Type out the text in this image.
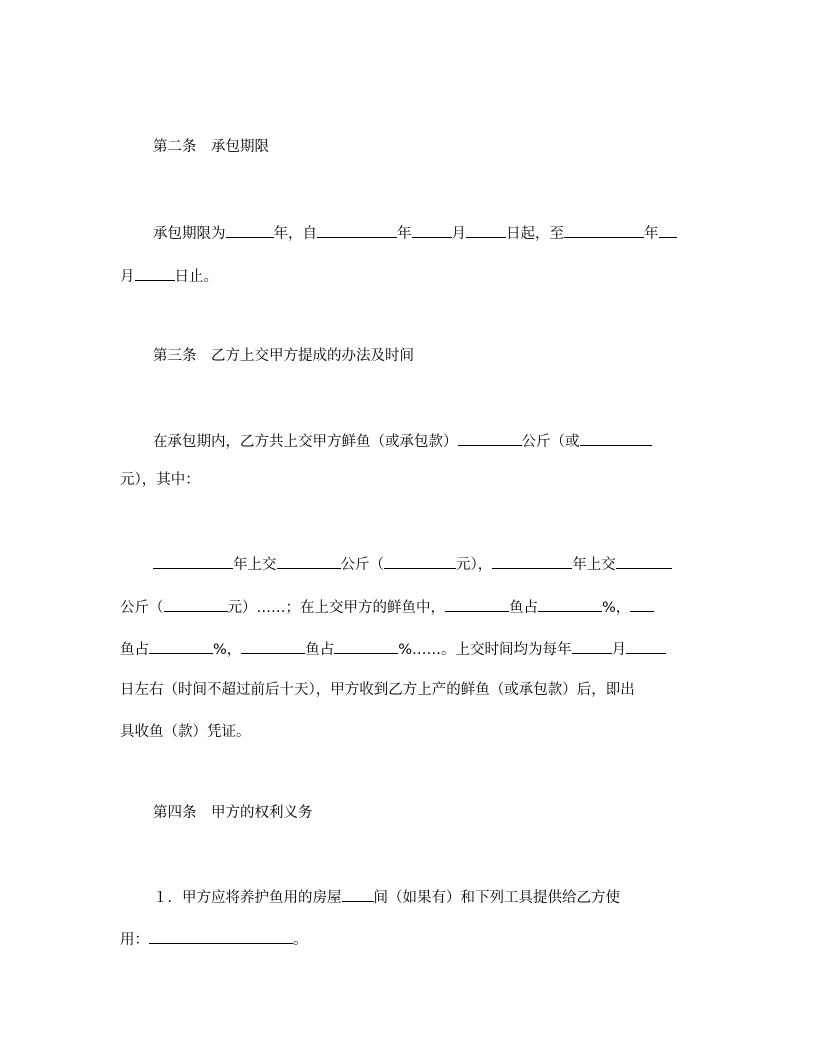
第二条　承包期限
承包期限为	年，自	年	月	日起，至	年
月	日止。
第三条　乙方上交甲方提成的办法及时间
在承包期内，乙方共上交甲方鲜鱼（或承包款）	公斤（或
元），其中：
年上交	公斤（	元），	年上交
公斤（	元）……；在上交甲方的鲜鱼中，	鱼占	%，
鱼占	%，	鱼占	%……。上交时间均为每年	月
日左右（时间不超过前后十天），甲方收到乙方上产的鲜鱼（或承包款）后，即出
具收鱼（款）凭证。
第四条　甲方的权利义务
１．甲方应将养护鱼用的房屋 间（如果有）和下列工具提供给乙方使
用：	。
